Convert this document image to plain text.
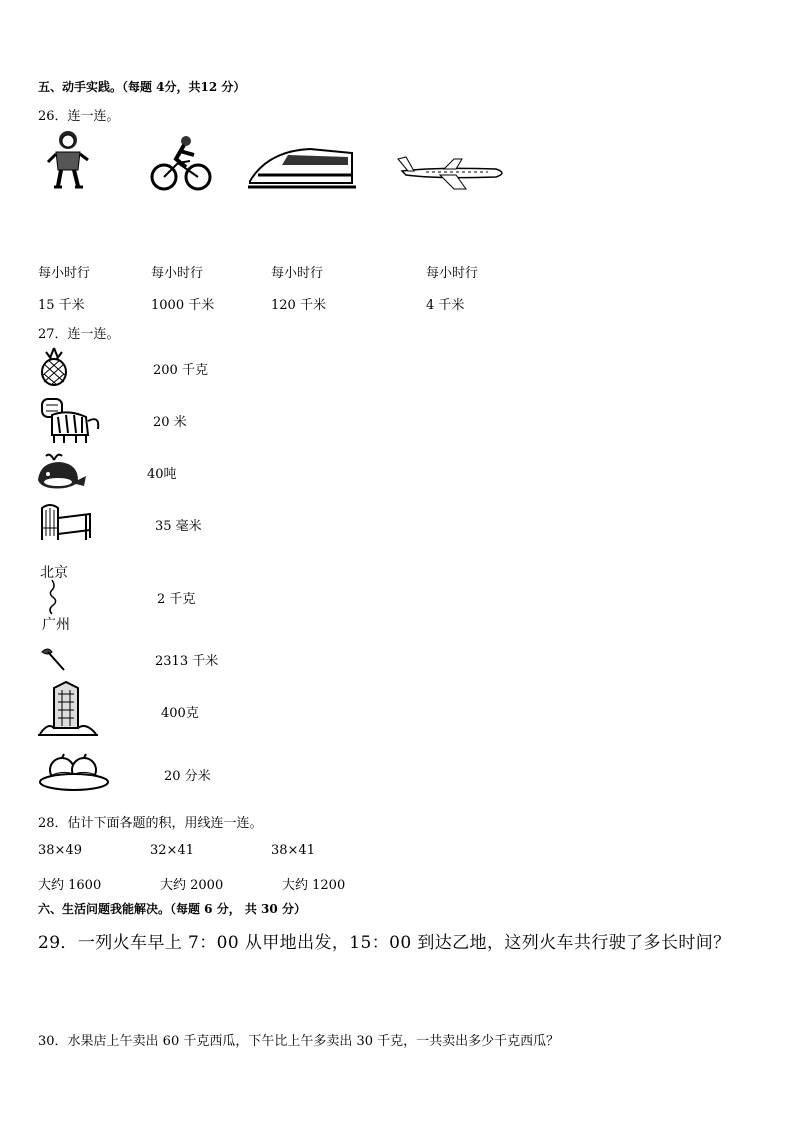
五、动手实践。（每题 4分，共12 分）
26．连一连。
每小时行	每小时行	每小时行	每小时行
15 千米	1000 千米	120 千米	4 千米
27．连一连。
200 千克
20 米
40吨
35 毫米
北京
广州
2 千克
2313 千米
400克
20 分米
28．估计下面各题的积，用线连一连。
38×49	32×41	38×41
大约 1600	大约 2000	大约 1200
六、生活问题我能解决。（每题 6 分， 共 30 分）
29．一列火车早上 7：00 从甲地出发，15：00 到达乙地，这列火车共行驶了多长时间？
30．水果店上午卖出 60 千克西瓜，下午比上午多卖出 30 千克，一共卖出多少千克西瓜？
